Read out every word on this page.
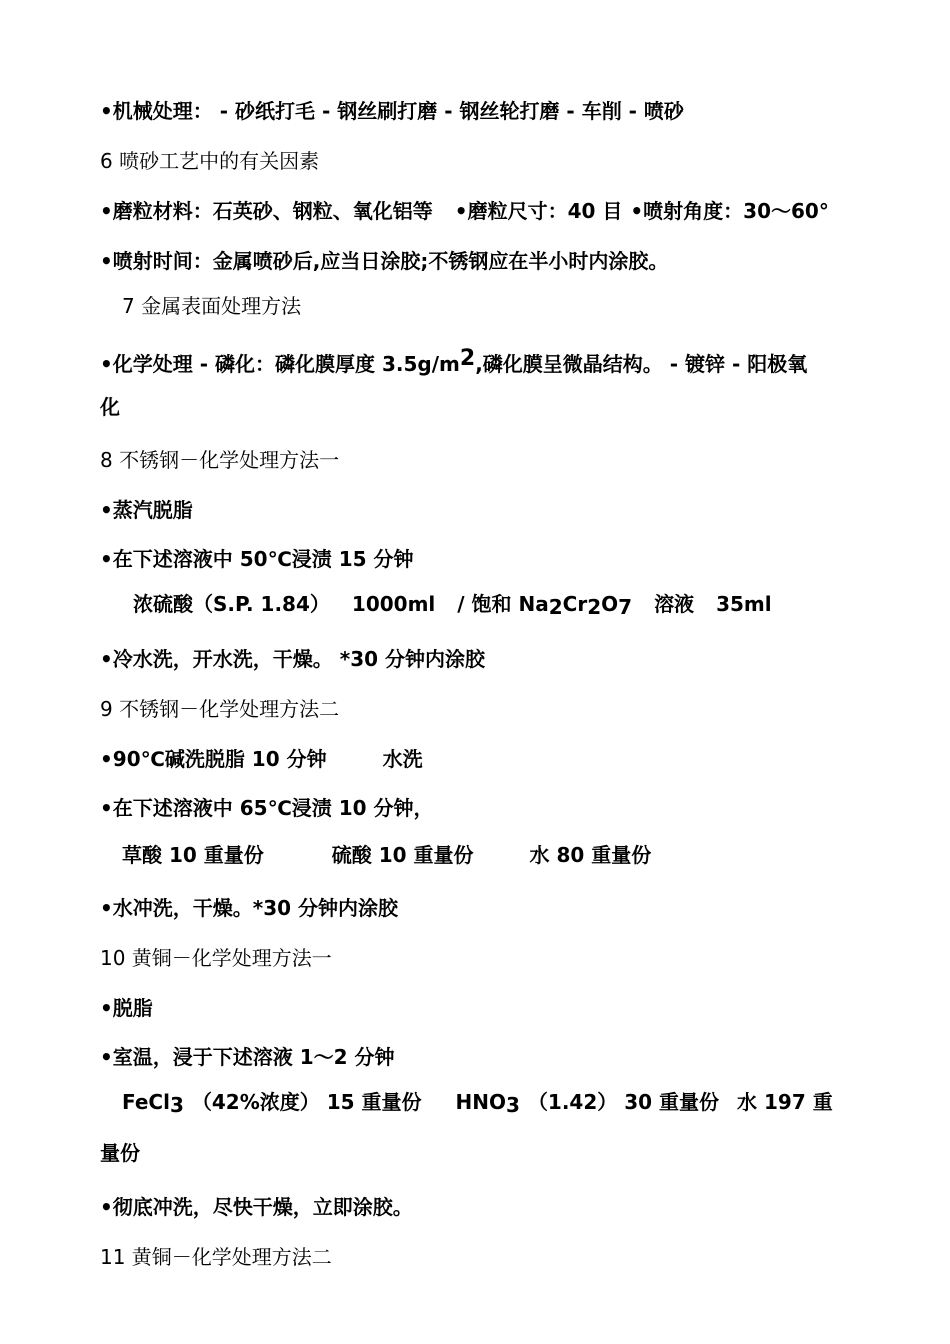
•机械处理： - 砂纸打毛 - 钢丝刷打磨 - 钢丝轮打磨 - 车削 - 喷砂
6 喷砂工艺中的有关因素
•磨粒材料：石英砂、钢粒、氧化铝等 •磨粒尺寸：40 目 •喷射角度：30～60°
•喷射时间：金属喷砂后,应当日涂胶;不锈钢应在半小时内涂胶。
7 金属表面处理方法
•化学处理 - 磷化：磷化膜厚度 3.5g/m2,磷化膜呈微晶结构。 - 镀锌 - 阳极氧
化
8 不锈钢－化学处理方法一
•蒸汽脱脂
•在下述溶液中 50℃浸渍 15 分钟
浓硫酸（S.P. 1.84） 1000ml / 饱和 Na2Cr2O7 溶液 35ml
•冷水洗，开水洗，干燥。 *30 分钟内涂胶
9 不锈钢－化学处理方法二
•90℃碱洗脱脂 10 分钟	水洗
•在下述溶液中 65℃浸渍 10 分钟，
草酸 10 重量份	硫酸 10 重量份	水 80 重量份
•水冲洗，干燥。*30 分钟内涂胶
10 黄铜－化学处理方法一
•脱脂
•室温，浸于下述溶液 1～2 分钟
FeCl3 （42%浓度） 15 重量份 HNO3 （1.42） 30 重量份 水 197 重
量份
•彻底冲洗，尽快干燥，立即涂胶。
11 黄铜－化学处理方法二
